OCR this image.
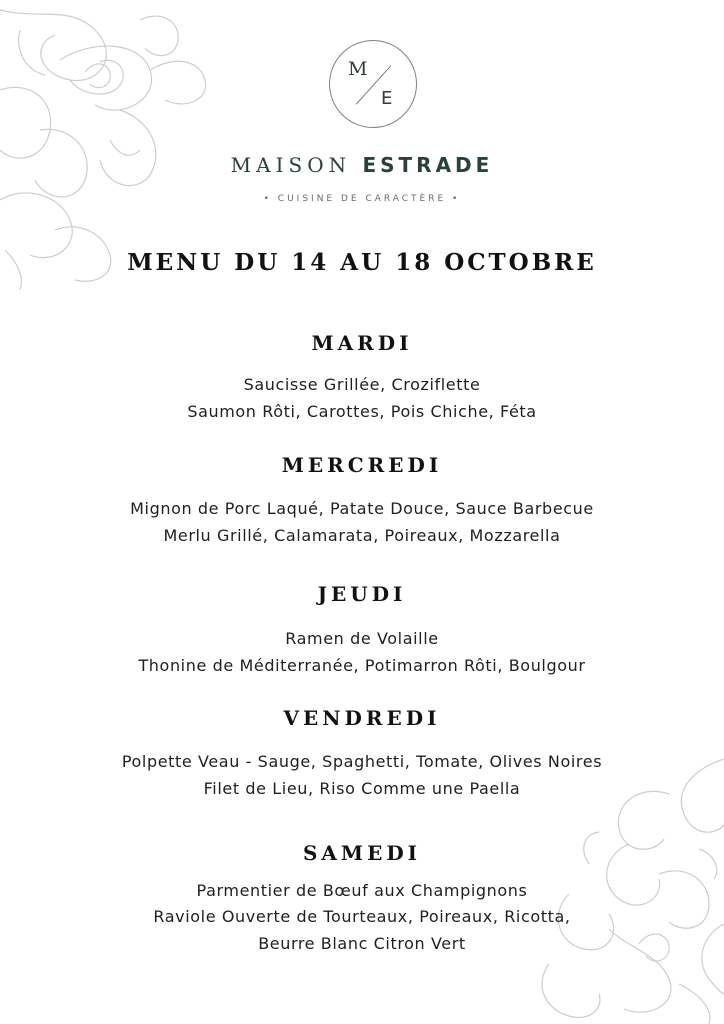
M
E
MAISON ESTRADE
• CUISINE DE CARACTÈRE •
MENU DU 14 AU 18 OCTOBRE
MARDI
Saucisse Grillée, Croziflette
Saumon Rôti, Carottes, Pois Chiche, Féta
MERCREDI
Mignon de Porc Laqué, Patate Douce, Sauce Barbecue
Merlu Grillé, Calamarata, Poireaux, Mozzarella
JEUDI
Ramen de Volaille
Thonine de Méditerranée, Potimarron Rôti, Boulgour
VENDREDI
Polpette Veau - Sauge, Spaghetti, Tomate, Olives Noires
Filet de Lieu, Riso Comme une Paella
SAMEDI
Parmentier de Bœuf aux Champignons
Raviole Ouverte de Tourteaux, Poireaux, Ricotta,
Beurre Blanc Citron Vert
